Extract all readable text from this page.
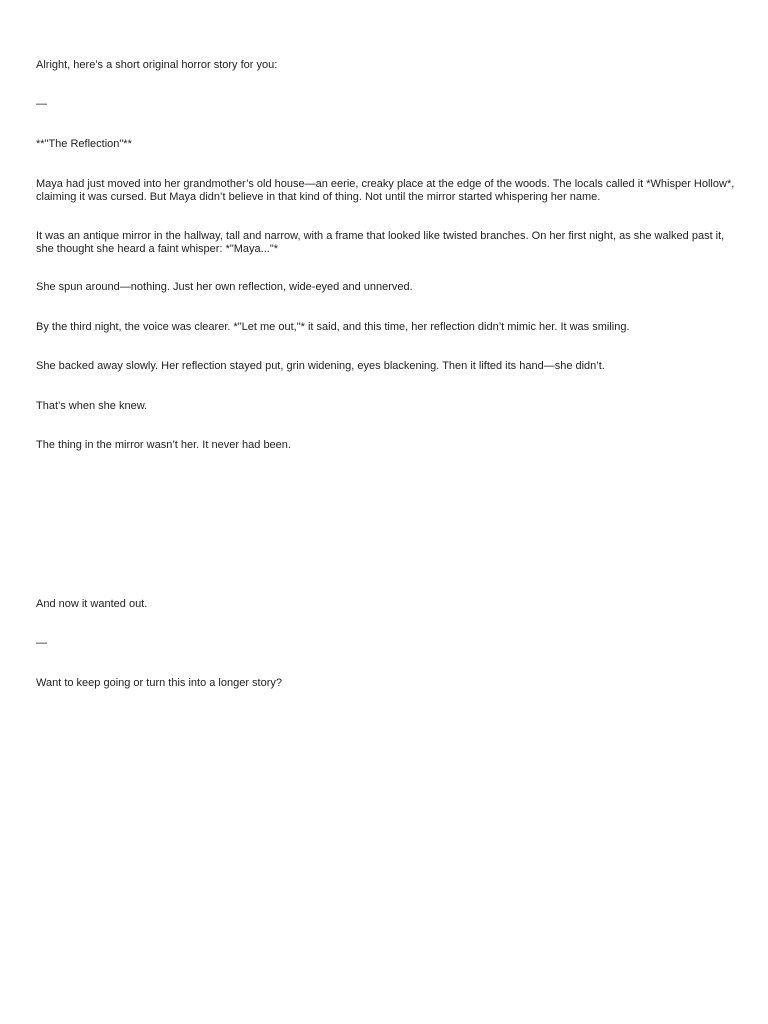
Alright, here’s a short original horror story for you:

—

**"The Reflection"**

Maya had just moved into her grandmother’s old house—an eerie, creaky place at the edge of the woods. The locals called it *Whisper Hollow*, claiming it was cursed. But Maya didn’t believe in that kind of thing. Not until the mirror started whispering her name.

It was an antique mirror in the hallway, tall and narrow, with a frame that looked like twisted branches. On her first night, as she walked past it, she thought she heard a faint whisper: *"Maya..."*

She spun around—nothing. Just her own reflection, wide-eyed and unnerved.

By the third night, the voice was clearer. *"Let me out,"* it said, and this time, her reflection didn’t mimic her. It was smiling.

She backed away slowly. Her reflection stayed put, grin widening, eyes blackening. Then it lifted its hand—she didn’t.

That’s when she knew.

The thing in the mirror wasn’t her. It never had been.

And now it wanted out.

—

Want to keep going or turn this into a longer story?
